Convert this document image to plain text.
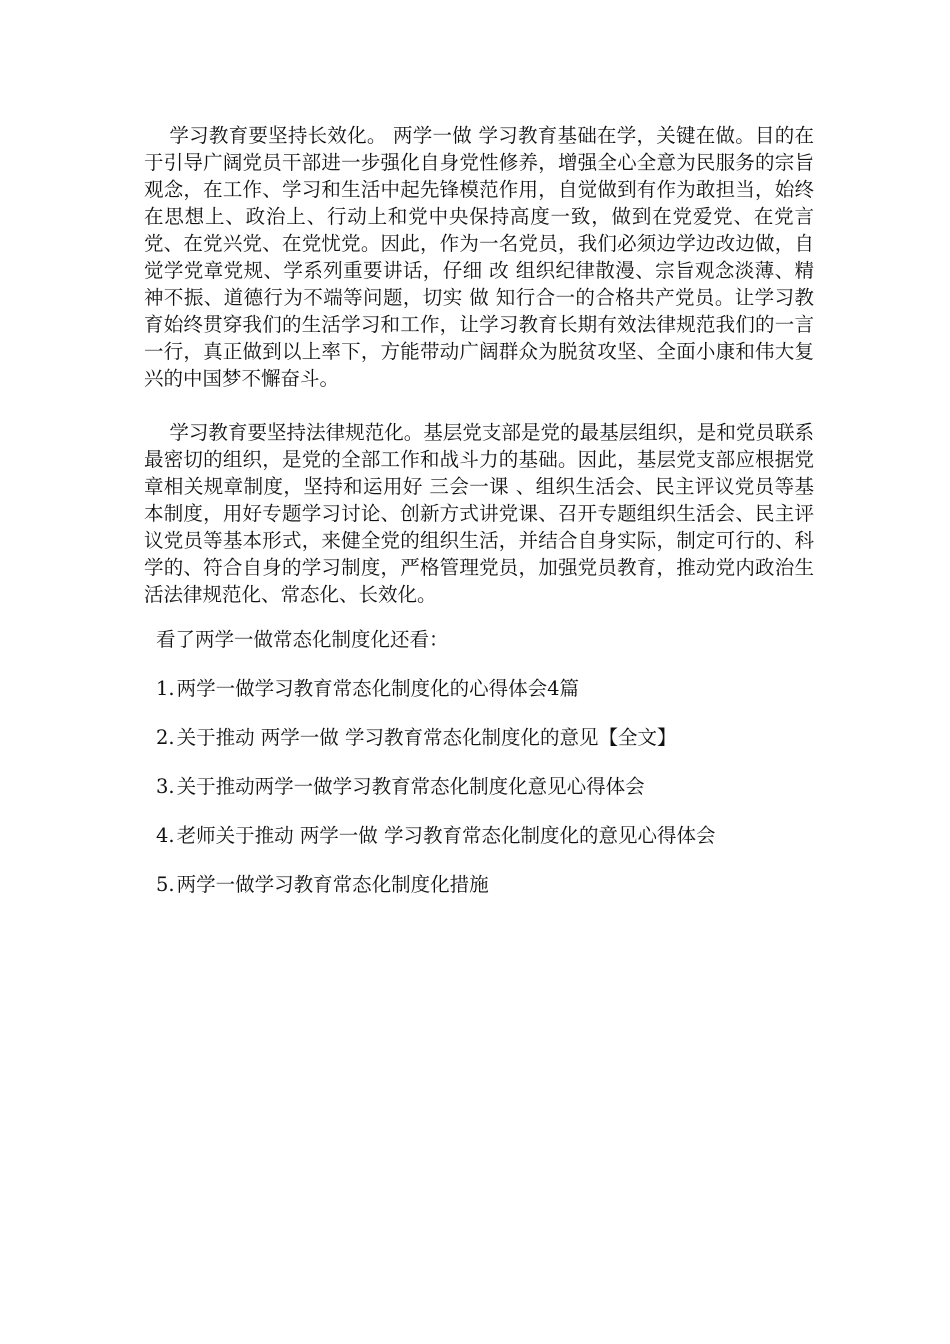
学习教育要坚持长效化。 两学一做 学习教育基础在学，关键在做。目的在于引导广阔党员干部进一步强化自身党性修养，增强全心全意为民服务的宗旨观念，在工作、学习和生活中起先锋模范作用，自觉做到有作为敢担当，始终在思想上、政治上、行动上和党中央保持高度一致，做到在党爱党、在党言党、在党兴党、在党忧党。因此，作为一名党员，我们必须边学边改边做，自觉学党章党规、学系列重要讲话，仔细 改 组织纪律散漫、宗旨观念淡薄、精神不振、道德行为不端等问题，切实 做 知行合一的合格共产党员。让学习教育始终贯穿我们的生活学习和工作，让学习教育长期有效法律规范我们的一言一行，真正做到以上率下，方能带动广阔群众为脱贫攻坚、全面小康和伟大复兴的中国梦不懈奋斗。

学习教育要坚持法律规范化。基层党支部是党的最基层组织，是和党员联系最密切的组织，是党的全部工作和战斗力的基础。因此，基层党支部应根据党章相关规章制度，坚持和运用好 三会一课 、组织生活会、民主评议党员等基本制度，用好专题学习讨论、创新方式讲党课、召开专题组织生活会、民主评议党员等基本形式，来健全党的组织生活，并结合自身实际，制定可行的、科学的、符合自身的学习制度，严格管理党员，加强党员教育，推动党内政治生活法律规范化、常态化、长效化。

看了两学一做常态化制度化还看：
1. 两学一做学习教育常态化制度化的心得体会4篇
2. 关于推动 两学一做 学习教育常态化制度化的意见【全文】
3. 关于推动两学一做学习教育常态化制度化意见心得体会
4. 老师关于推动 两学一做 学习教育常态化制度化的意见心得体会
5. 两学一做学习教育常态化制度化措施
